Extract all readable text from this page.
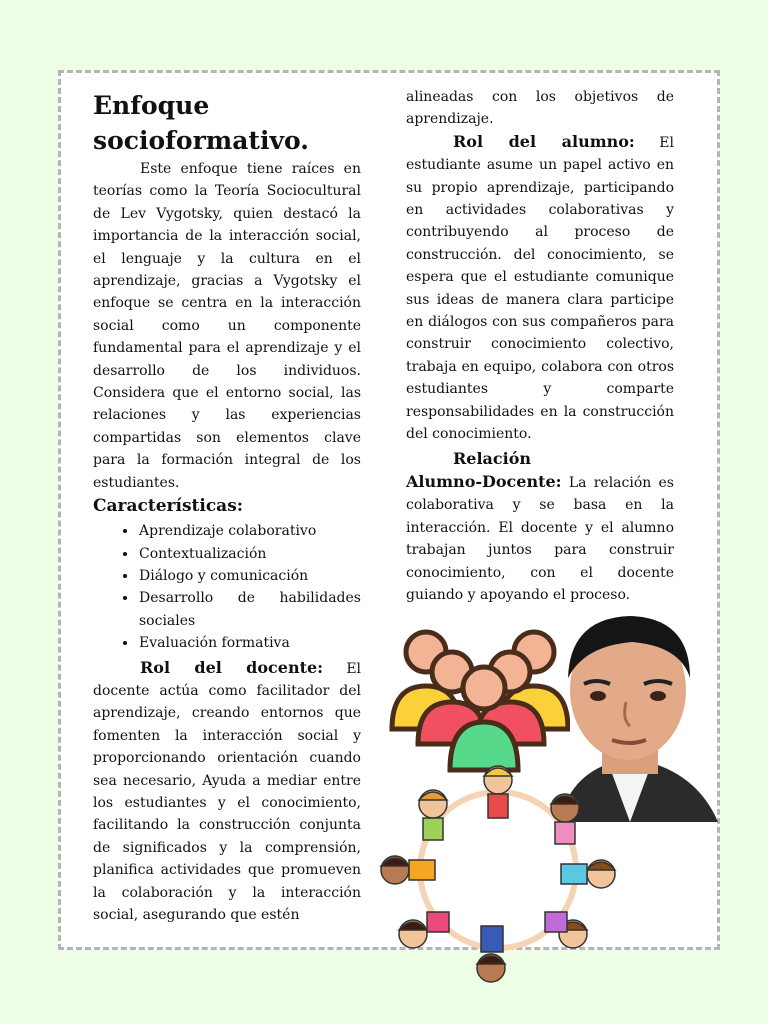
Enfoque socioformativo.

Este enfoque tiene raíces en teorías como la Teoría Sociocultural de Lev Vygotsky, quien destacó la importancia de la interacción social, el lenguaje y la cultura en el aprendizaje, gracias a Vygotsky el enfoque se centra en la interacción social como un componente fundamental para el aprendizaje y el desarrollo de los individuos. Considera que el entorno social, las relaciones y las experiencias compartidas son elementos clave para la formación integral de los estudiantes.

Características:

• Aprendizaje colaborativo
• Contextualización
• Diálogo y comunicación
• Desarrollo de habilidades sociales
• Evaluación formativa

Rol del docente: El docente actúa como facilitador del aprendizaje, creando entornos que fomenten la interacción social y proporcionando orientación cuando sea necesario, Ayuda a mediar entre los estudiantes y el conocimiento, facilitando la construcción conjunta de significados y la comprensión, planifica actividades que promueven la colaboración y la interacción social, asegurando que estén

alineadas con los objetivos de aprendizaje.

Rol del alumno: El estudiante asume un papel activo en su propio aprendizaje, participando en actividades colaborativas y contribuyendo al proceso de construcción. del conocimiento, se espera que el estudiante comunique sus ideas de manera clara participe en diálogos con sus compañeros para construir conocimiento colectivo, trabaja en equipo, colabora con otros estudiantes y comparte responsabilidades en la construcción del conocimiento.

Relación

Alumno-Docente: La relación es colaborativa y se basa en la interacción. El docente y el alumno trabajan juntos para construir conocimiento, con el docente guiando y apoyando el proceso.
